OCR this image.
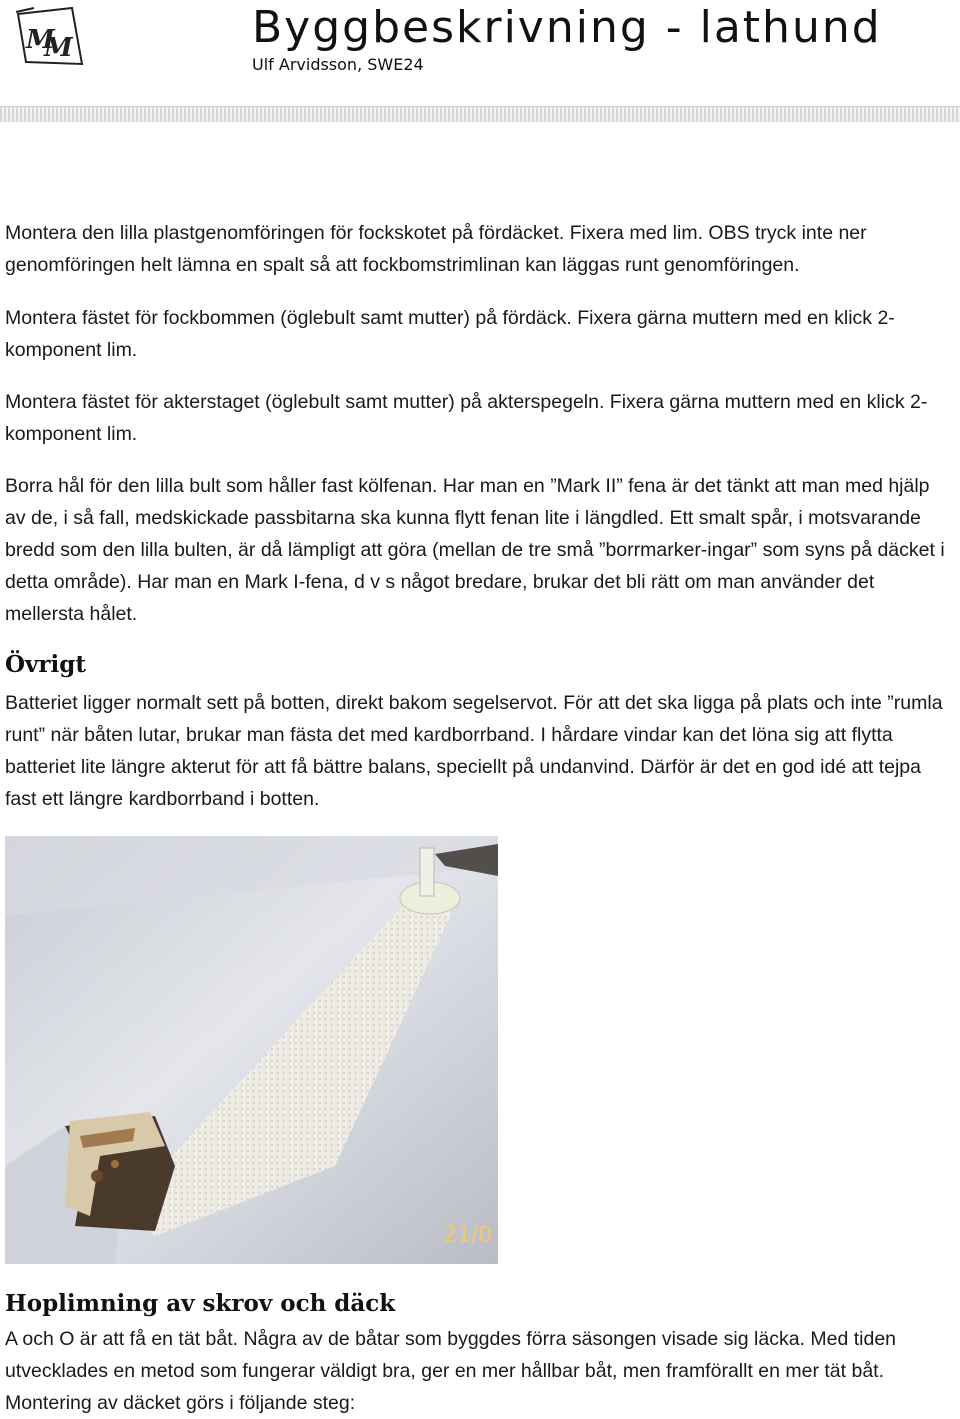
M
M	Byggbeskrivning - lathund
Ulf Arvidsson, SWE24

Montera den lilla plastgenomföringen för fockskotet på fördäcket. Fixera med lim. OBS tryck inte ner genomföringen helt lämna en spalt så att fockbomstrimlinan kan läggas runt genomföringen.

Montera fästet för fockbommen (öglebult samt mutter) på fördäck. Fixera gärna muttern med en klick 2-komponent lim.

Montera fästet för akterstaget (öglebult samt mutter) på akterspegeln. Fixera gärna muttern med en klick 2-komponent lim.

Borra hål för den lilla bult som håller fast kölfenan. Har man en ”Mark II” fena är det tänkt att man med hjälp av de, i så fall, medskickade passbitarna ska kunna flytt fenan lite i längdled. Ett smalt spår, i motsvarande bredd som den lilla bulten, är då lämpligt att göra (mellan de tre små ”borrmarker-ingar” som syns på däcket i detta område). Har man en Mark I-fena, d v s något bredare, brukar det bli rätt om man använder det mellersta hålet.

Övrigt

Batteriet ligger normalt sett på botten, direkt bakom segelservot. För att det ska ligga på plats och inte ”rumla runt” när båten lutar, brukar man fästa det med kardborrband. I hårdare vindar kan det löna sig att flytta batteriet lite längre akterut för att få bättre balans, speciellt på undanvind. Därför är det en god idé att tejpa fast ett längre kardborrband i botten.

21/0
Hoplimning av skrov och däck

A och O är att få en tät båt. Några av de båtar som byggdes förra säsongen visade sig läcka. Med tiden utvecklades en metod som fungerar väldigt bra, ger en mer hållbar båt, men framförallt en mer tät båt. Montering av däcket görs i följande steg:
